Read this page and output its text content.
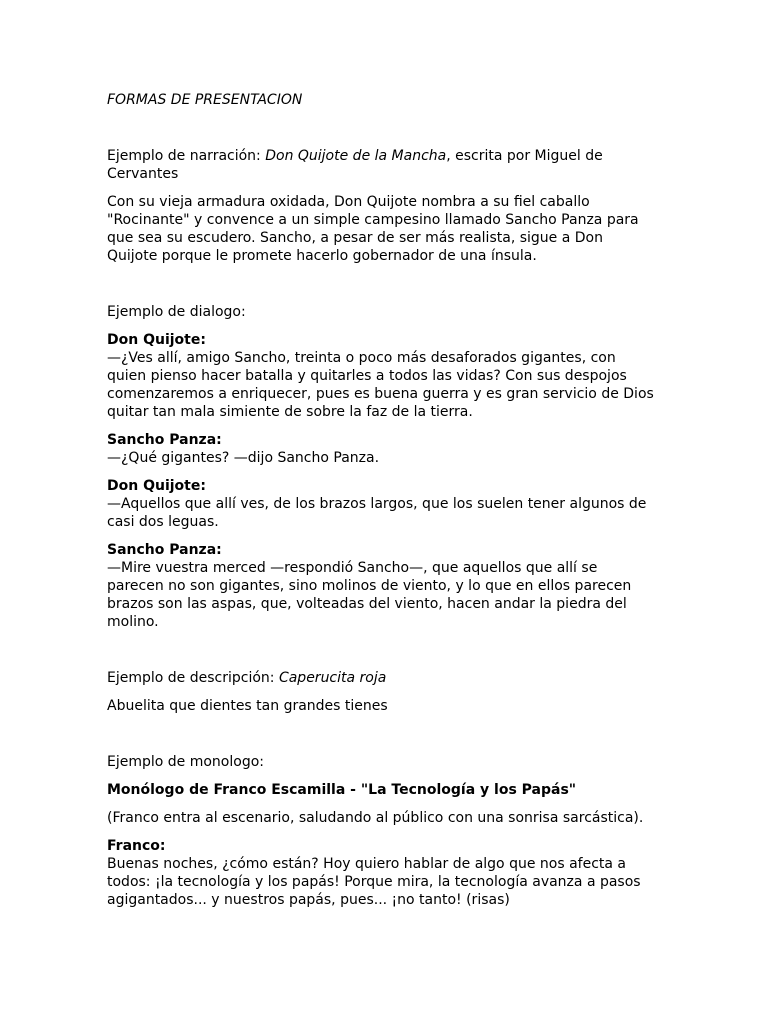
FORMAS DE PRESENTACION

Ejemplo de narración: Don Quijote de la Mancha, escrita por Miguel de Cervantes

Con su vieja armadura oxidada, Don Quijote nombra a su fiel caballo "Rocinante" y convence a un simple campesino llamado Sancho Panza para que sea su escudero. Sancho, a pesar de ser más realista, sigue a Don Quijote porque le promete hacerlo gobernador de una ínsula.

Ejemplo de dialogo:

Don Quijote:

—¿Ves allí, amigo Sancho, treinta o poco más desaforados gigantes, con quien pienso hacer batalla y quitarles a todos las vidas? Con sus despojos comenzaremos a enriquecer, pues es buena guerra y es gran servicio de Dios quitar tan mala simiente de sobre la faz de la tierra.

Sancho Panza:

—¿Qué gigantes? —dijo Sancho Panza.

Don Quijote:

—Aquellos que allí ves, de los brazos largos, que los suelen tener algunos de casi dos leguas.

Sancho Panza:

—Mire vuestra merced —respondió Sancho—, que aquellos que allí se parecen no son gigantes, sino molinos de viento, y lo que en ellos parecen brazos son las aspas, que, volteadas del viento, hacen andar la piedra del molino.

Ejemplo de descripción: Caperucita roja

Abuelita que dientes tan grandes tienes

Ejemplo de monologo:

Monólogo de Franco Escamilla - "La Tecnología y los Papás"

(Franco entra al escenario, saludando al público con una sonrisa sarcástica).

Franco:

Buenas noches, ¿cómo están? Hoy quiero hablar de algo que nos afecta a todos: ¡la tecnología y los papás! Porque mira, la tecnología avanza a pasos agigantados... y nuestros papás, pues... ¡no tanto! (risas)
